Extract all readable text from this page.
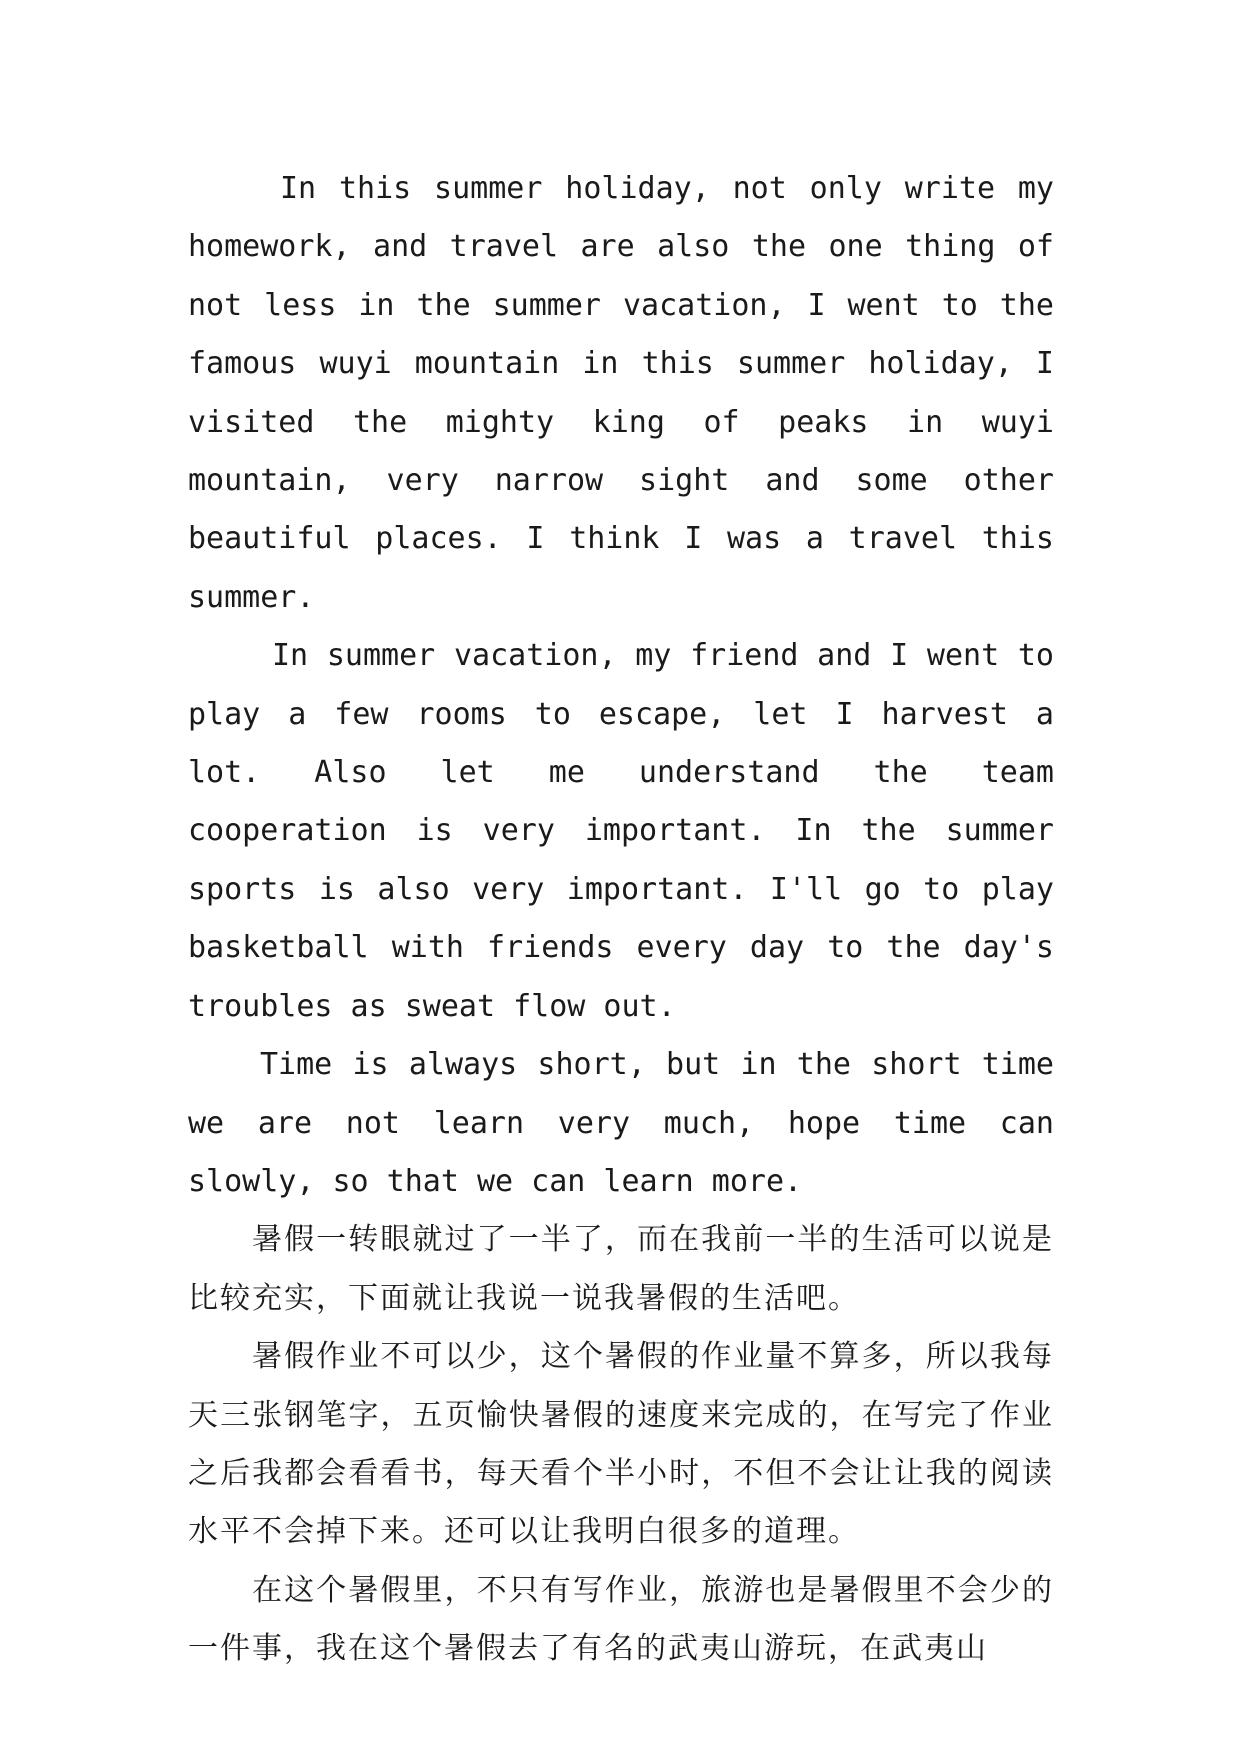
In this summer holiday, not only write my homework, and travel are also the one thing of not less in the summer vacation, I went to the famous wuyi mountain in this summer holiday, I visited the mighty king of peaks in wuyi mountain, very narrow sight and some other beautiful places. I think I was a travel this summer.

In summer vacation, my friend and I went to play a few rooms to escape, let I harvest a lot. Also let me understand the team cooperation is very important. In the summer sports is also very important. I'll go to play basketball with friends every day to the day's troubles as sweat flow out.

Time is always short, but in the short time we are not learn very much, hope time can slowly, so that we can learn more.

暑假一转眼就过了一半了，而在我前一半的生活可以说是比较充实，下面就让我说一说我暑假的生活吧。

暑假作业不可以少，这个暑假的作业量不算多，所以我每天三张钢笔字，五页愉快暑假的速度来完成的，在写完了作业之后我都会看看书，每天看个半小时，不但不会让让我的阅读水平不会掉下来。还可以让我明白很多的道理。

在这个暑假里，不只有写作业，旅游也是暑假里不会少的一件事，我在这个暑假去了有名的武夷山游玩，在武夷山
